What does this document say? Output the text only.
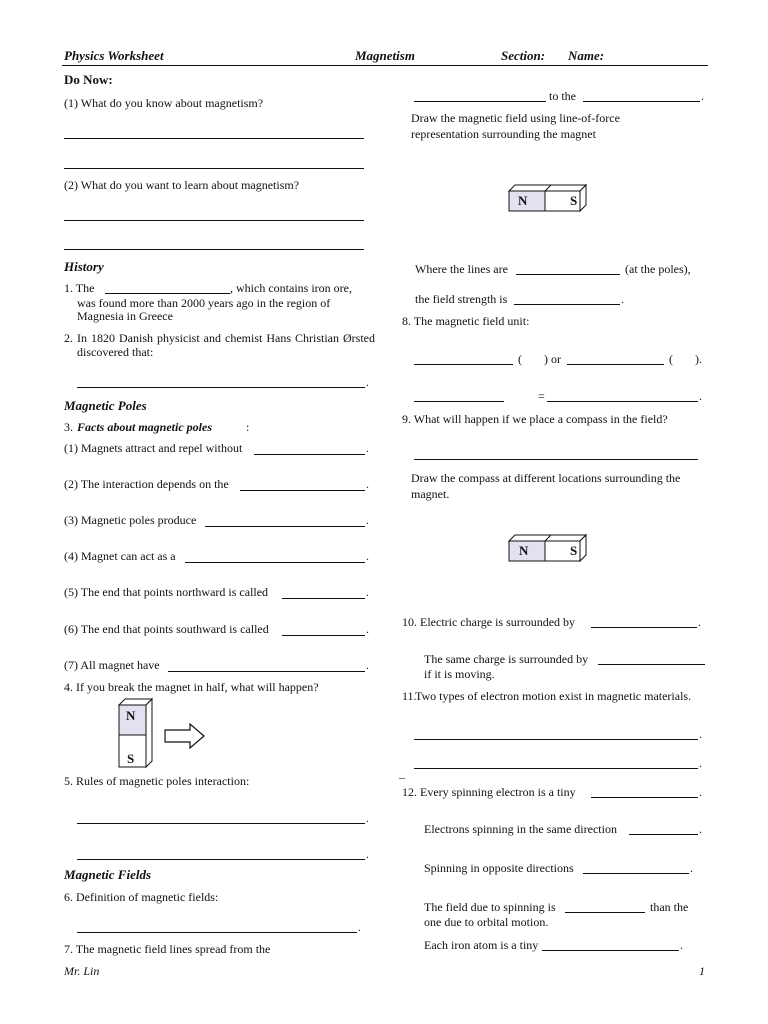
Physics Worksheet	Magnetism	Section: Name:
Do Now:
(1) What do you know about magnetism?
(2) What do you want to learn about magnetism?
History
1. The	, which contains iron ore,
was found more than 2000 years ago in the region of
Magnesia in Greece
2. In 1820 Danish physicist and chemist Hans Christian Ørsted discovered that:
.
Magnetic Poles
3. Facts about magnetic poles	:
(1) Magnets attract and repel without	.
(2) The interaction depends on the	.
(3) Magnetic poles produce	.
(4) Magnet can act as a	.
(5) The end that points northward is called	.
(6) The end that points southward is called	.
(7) All magnet have	.
4. If you break the magnet in half, what will happen?
N
S
5. Rules of magnetic poles interaction:
.
.
Magnetic Fields
6. Definition of magnetic fields:
.
7. The magnetic field lines spread from the
to the	.
Draw the magnetic field using line-of-force
representation surrounding the magnet
N	S
Where the lines are	(at the poles),
the field strength is	.
8. The magnetic field unit:
( ) or	( ).
=	.
9. What will happen if we place a compass in the field?
Draw the compass at different locations surrounding the
magnet.
N	S
10. Electric charge is surrounded by	.
The same charge is surrounded by
if it is moving.
11.
Two types of electron motion exist in magnetic materials.
.
.
_
12. Every spinning electron is a tiny	.
Electrons spinning in the same direction	.
Spinning in opposite directions	.
The field due to spinning is	than the
one due to orbital motion.
Each iron atom is a tiny	.
Mr. Lin	1
